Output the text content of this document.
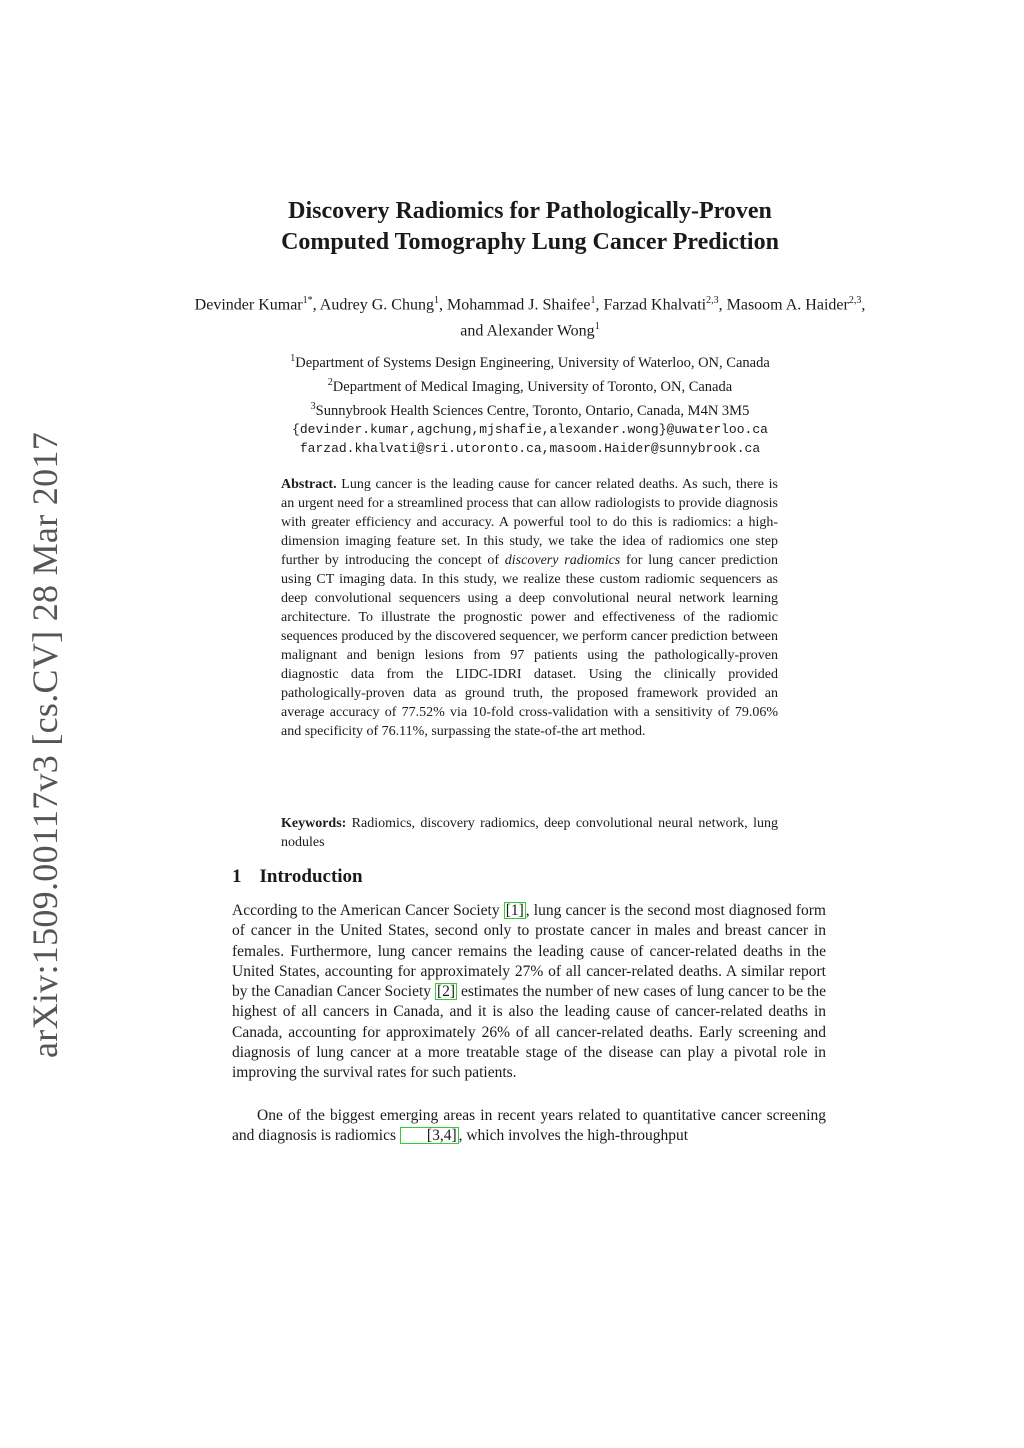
arXiv:1509.00117v3 [cs.CV] 28 Mar 2017
Discovery Radiomics for Pathologically-Proven
Computed Tomography Lung Cancer Prediction

Devinder Kumar$^{1*}$, Audrey G. Chung$^1$, Mohammad J. Shaifee$^1$, Farzad Khalvati$^{2,3}$, Masoom A. Haider$^{2,3}$, and Alexander Wong$^1$

$^1$Department of Systems Design Engineering, University of Waterloo, ON, Canada
$^2$Department of Medical Imaging, University of Toronto, ON, Canada
$^3$Sunnybrook Health Sciences Centre, Toronto, Ontario, Canada, M4N 3M5
{devinder.kumar,agchung,mjshafie,alexander.wong}@uwaterloo.ca
farzad.khalvati@sri.utoronto.ca,masoom.Haider@sunnybrook.ca

Abstract. Lung cancer is the leading cause for cancer related deaths. As such, there is an urgent need for a streamlined process that can allow radiologists to provide diagnosis with greater efficiency and accuracy. A powerful tool to do this is radiomics: a high-dimension imaging feature set. In this study, we take the idea of radiomics one step further by introducing the concept of discovery radiomics for lung cancer prediction using CT imaging data. In this study, we realize these custom radiomic sequencers as deep convolutional sequencers using a deep convolutional neural network learning architecture. To illustrate the prognostic power and effectiveness of the radiomic sequences produced by the discovered sequencer, we perform cancer prediction between malignant and benign lesions from 97 patients using the pathologically-proven diagnostic data from the LIDC-IDRI dataset. Using the clinically provided pathologically-proven data as ground truth, the proposed framework provided an average accuracy of 77.52% via 10-fold cross-validation with a sensitivity of 79.06% and specificity of 76.11%, surpassing the state-of-the art method.

Keywords: Radiomics, discovery radiomics, deep convolutional neural network, lung nodules

1 Introduction

According to the American Cancer Society [1] , lung cancer is the second most diagnosed form of cancer in the United States, second only to prostate cancer in males and breast cancer in females. Furthermore, lung cancer remains the leading cause of cancer-related deaths in the United States, accounting for approximately 27% of all cancer-related deaths. A similar report by the Canadian Cancer Society [2] estimates the number of new cases of lung cancer to be the highest of all cancers in Canada, and it is also the leading cause of cancer-related deaths in Canada, accounting for approximately 26% of all cancer-related deaths. Early screening and diagnosis of lung cancer at a more treatable stage of the disease can play a pivotal role in improving the survival rates for such patients.

One of the biggest emerging areas in recent years related to quantitative cancer screening and diagnosis is radiomics [3,4] , which involves the high-throughput
